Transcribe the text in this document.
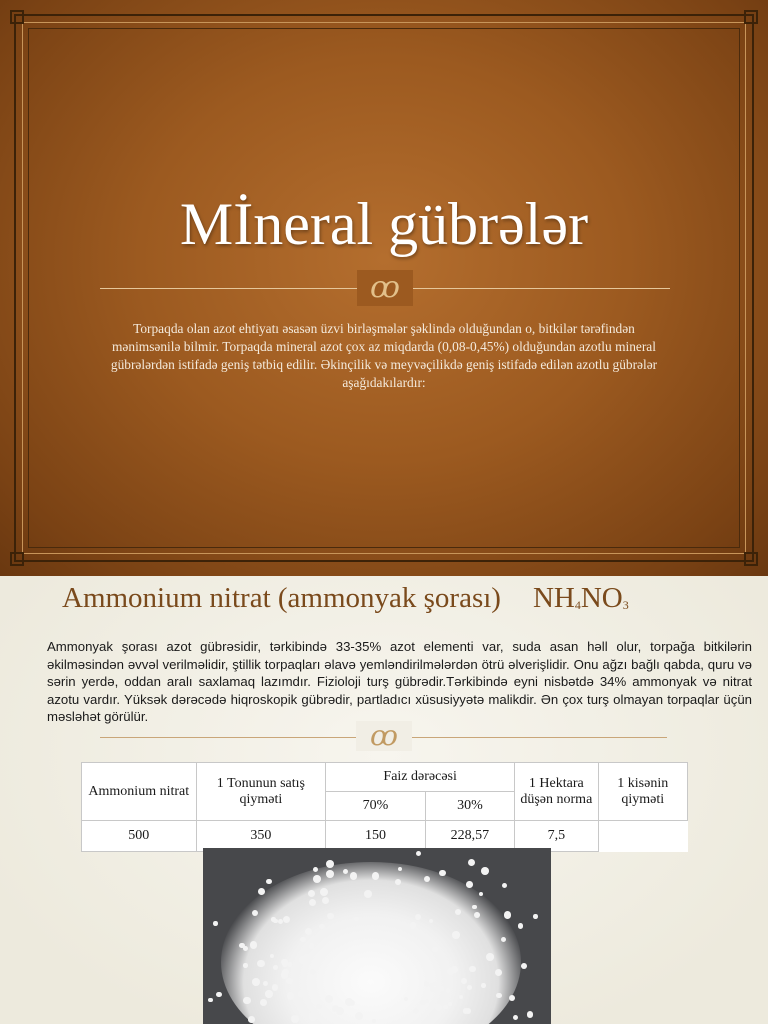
Mİneral gübrələr
ꝏ
Torpaqda olan azot ehtiyatı əsasən üzvi birləşmələr şəklində olduğundan o, bitkilər tərəfindən mənimsənilə bilmir. Torpaqda mineral azot çox az miqdarda (0,08-0,45%) olduğundan azotlu mineral gübrələrdən istifadə geniş tətbiq edilir. Əkinçilik və meyvəçilikdə geniş istifadə edilən azotlu gübrələr aşağıdakılardır:
Ammonium nitrat (ammonyak şorası) $NH_4NO_3$
Ammonyak şorası azot gübrəsidir, tərkibində 33-35% azot elementi var, suda asan həll olur, torpağa bitkilərin əkilməsindən əvvəl verilməlidir, ştillik torpaqları əlavə yemləndirilmələrdən ötrü əlverişlidir. Onu ağzı bağlı qabda, quru və sərin yerdə, oddan aralı saxlamaq lazımdır. Fizioloji turş gübrədir.Tərkibində eyni nisbətdə 34% ammonyak və nitrat azotu vardır. Yüksək dərəcədə hiqroskopik gübrədir, partladıcı xüsusiyyətə malikdir. Ən çox turş olmayan torpaqlar üçün məsləhət görülür.
ꝏ
Ammonium nitrat	1 Tonunun satış qiyməti	Faiz dərəcəsi		1 Hektara düşən norma	1 kisənin qiyməti
		70%	30%		
500	350	150	228,57	7,5	
